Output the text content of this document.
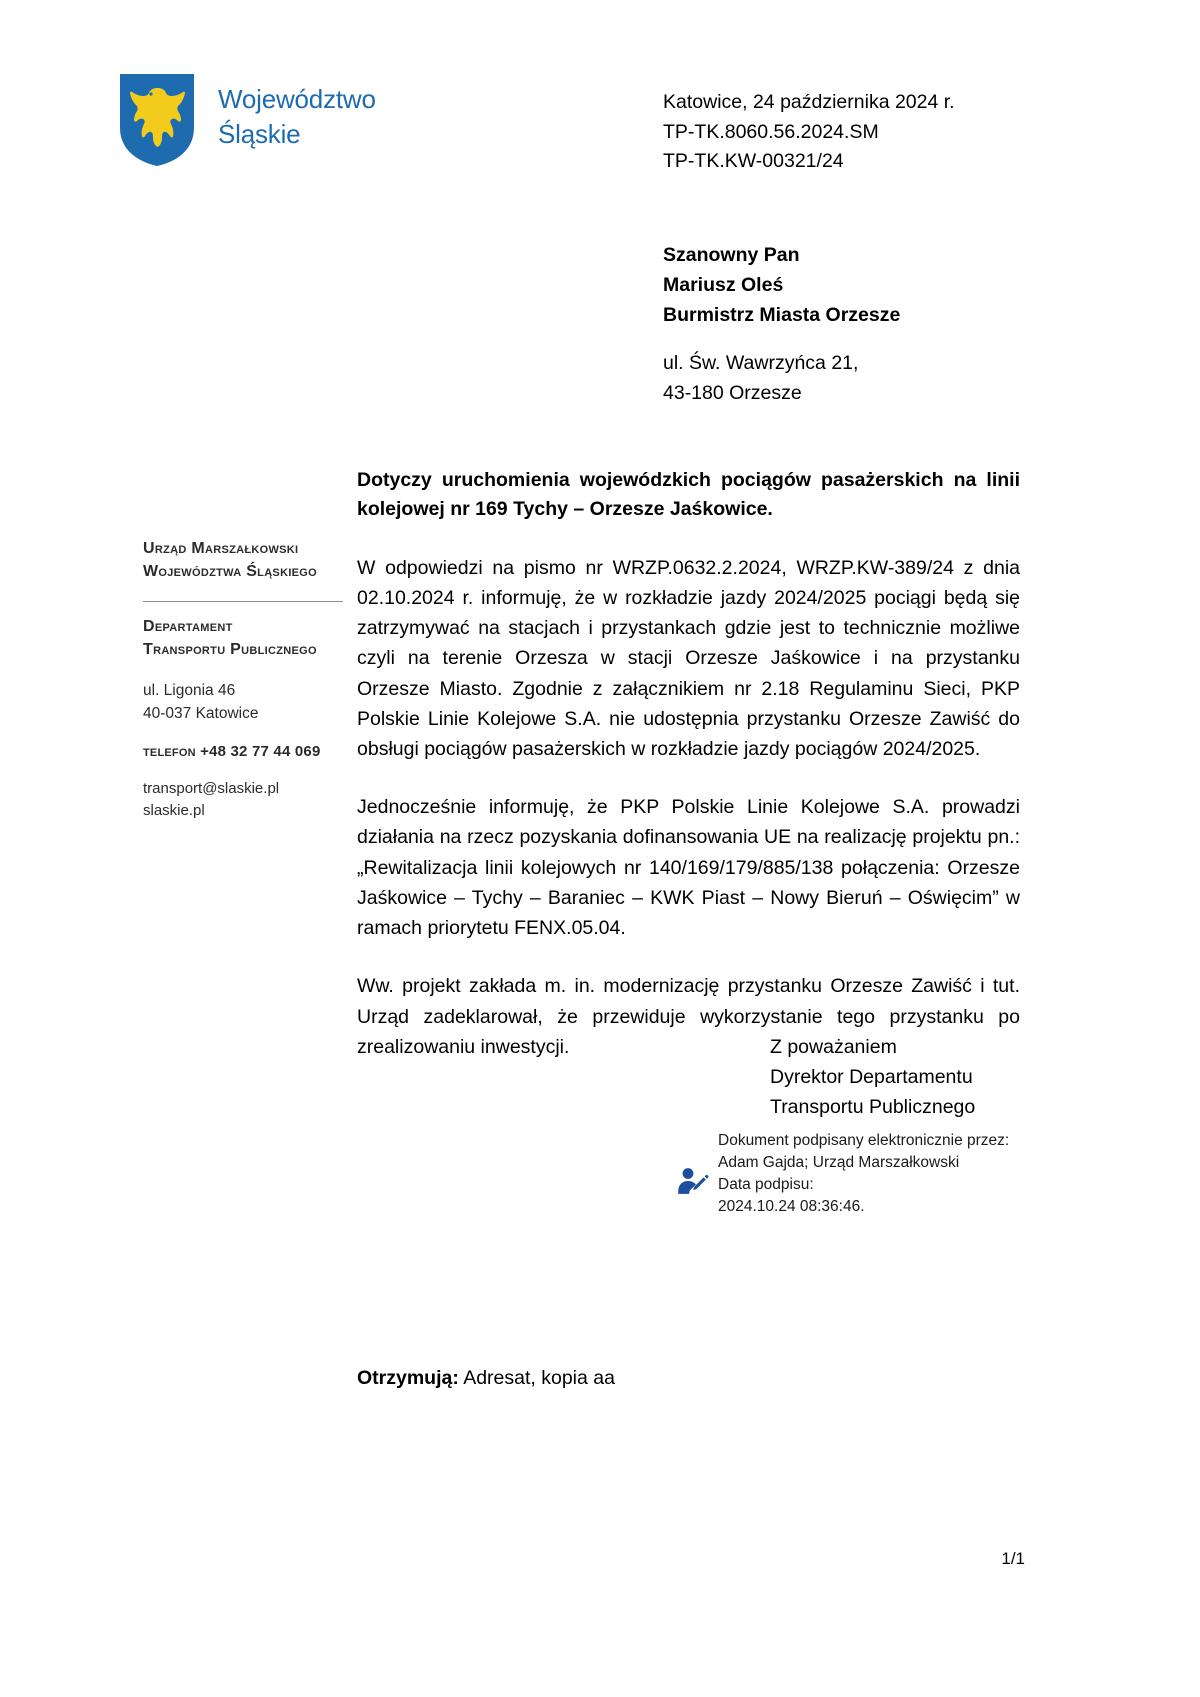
Województwo
Śląskie
Katowice, 24 października 2024 r.
TP-TK.8060.56.2024.SM
TP-TK.KW-00321/24
Szanowny Pan
Mariusz Oleś
Burmistrz Miasta Orzesze
ul. Św. Wawrzyńca 21,
43-180 Orzesze
Urząd Marszałkowski
Województwa Śląskiego
Departament
Transportu Publicznego
ul. Ligonia 46
40-037 Katowice
telefon +48 32 77 44 069
transport@slaskie.pl
slaskie.pl
Dotyczy uruchomienia wojewódzkich pociągów pasażerskich na linii kolejowej nr 169 Tychy – Orzesze Jaśkowice.

W odpowiedzi na pismo nr WRZP.0632.2.2024, WRZP.KW-389/24 z dnia 02.10.2024 r. informuję, że w rozkładzie jazdy 2024/2025 pociągi będą się zatrzymywać na stacjach i przystankach gdzie jest to technicznie możliwe czyli na terenie Orzesza w stacji Orzesze Jaśkowice i na przystanku Orzesze Miasto. Zgodnie z załącznikiem nr 2.18 Regulaminu Sieci, PKP Polskie Linie Kolejowe S.A. nie udostępnia przystanku Orzesze Zawiść do obsługi pociągów pasażerskich w rozkładzie jazdy pociągów 2024/2025.

Jednocześnie informuję, że PKP Polskie Linie Kolejowe S.A. prowadzi działania na rzecz pozyskania dofinansowania UE na realizację projektu pn.: „Rewitalizacja linii kolejowych nr 140/169/179/885/138 połączenia: Orzesze Jaśkowice – Tychy – Baraniec – KWK Piast – Nowy Bieruń – Oświęcim” w ramach priorytetu FENX.05.04.

Ww. projekt zakłada m. in. modernizację przystanku Orzesze Zawiść i tut. Urząd zadeklarował, że przewiduje wykorzystanie tego przystanku po zrealizowaniu inwestycji.	Z poważaniem
Dyrektor Departamentu
Transportu Publicznego
Dokument podpisany elektronicznie przez:
Adam Gajda; Urząd Marszałkowski
Data podpisu:
2024.10.24 08:36:46.
Otrzymują: Adresat, kopia aa
1/1
